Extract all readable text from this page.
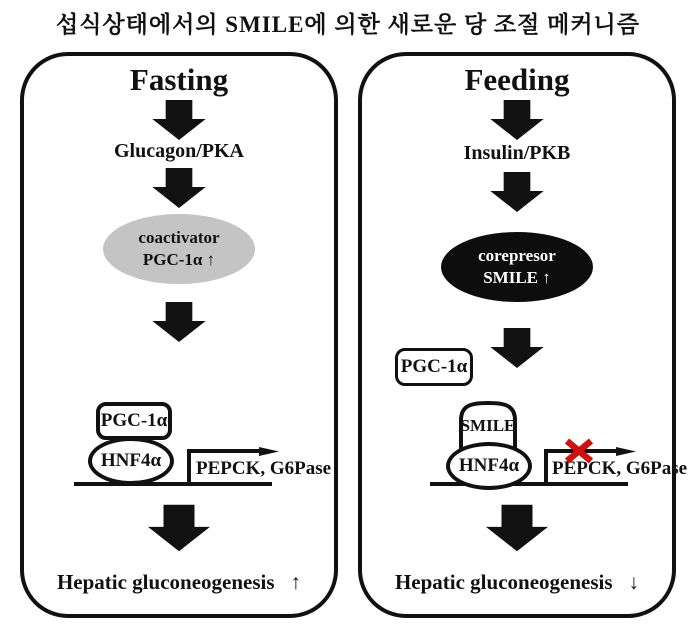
섭식상태에서의 SMILE에 의한 새로운 당 조절 메커니즘
Fasting
Glucagon/PKA
coactivator
PGC-1α ↑
PGC-1α
HNF4α PEPCK, G6Pase
Hepatic gluconeogenesis ↑
Feeding
Insulin/PKB
corepresor
SMILE ↑
PGC-1α
SMILE
HNF4α PEPCK, G6Pase
Hepatic gluconeogenesis ↓
